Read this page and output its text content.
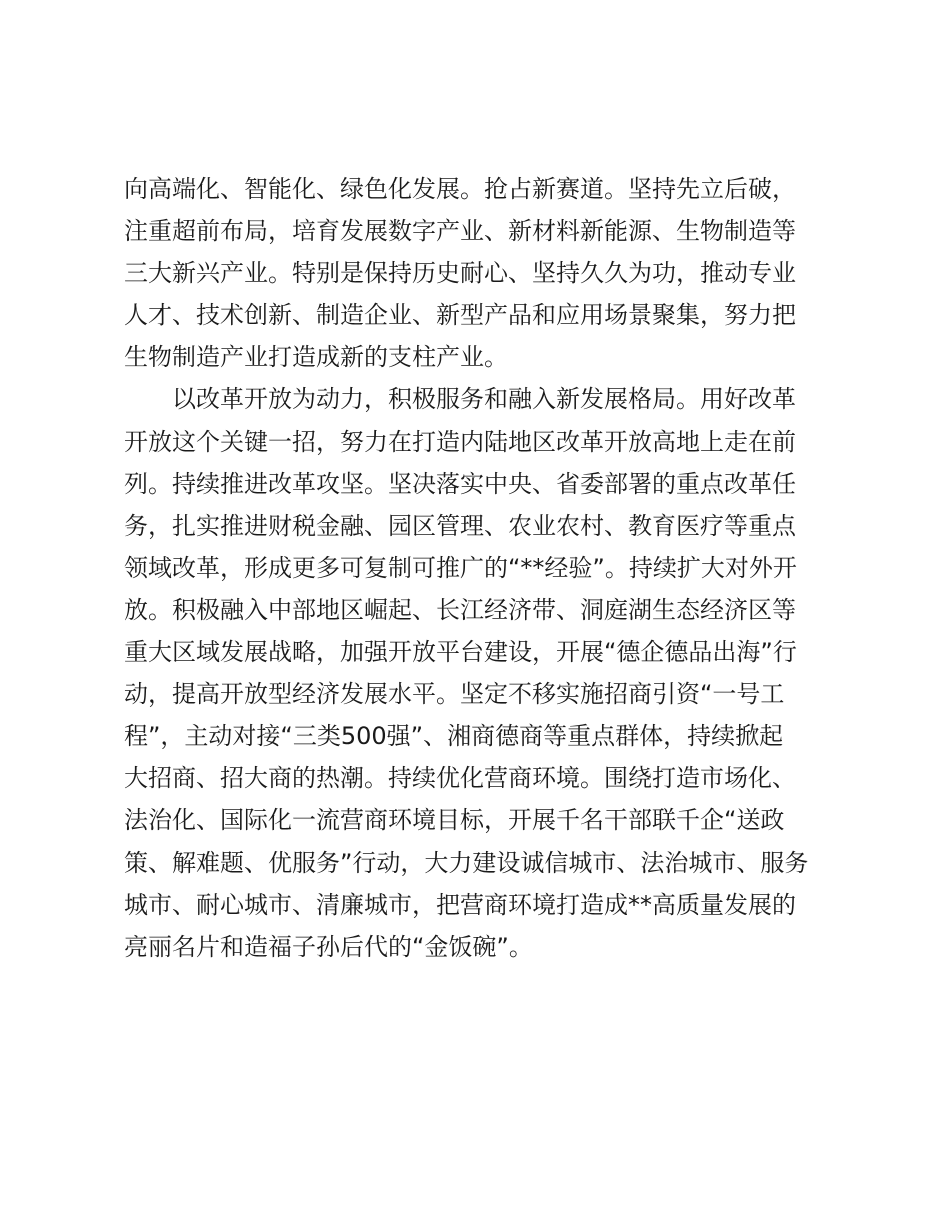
向高端化、智能化、绿色化发展。抢占新赛道。坚持先立后破，
注重超前布局，培育发展数字产业、新材料新能源、生物制造等
三大新兴产业。特别是保持历史耐心、坚持久久为功，推动专业
人才、技术创新、制造企业、新型产品和应用场景聚集，努力把
生物制造产业打造成新的支柱产业。
以改革开放为动力，积极服务和融入新发展格局。用好改革
开放这个关键一招，努力在打造内陆地区改革开放高地上走在前
列。持续推进改革攻坚。坚决落实中央、省委部署的重点改革任
务，扎实推进财税金融、园区管理、农业农村、教育医疗等重点
领域改革，形成更多可复制可推广的“**经验”。持续扩大对外开
放。积极融入中部地区崛起、长江经济带、洞庭湖生态经济区等
重大区域发展战略，加强开放平台建设，开展“德企德品出海”行
动，提高开放型经济发展水平。坚定不移实施招商引资“一号工
程”，主动对接“三类500强”、湘商德商等重点群体，持续掀起
大招商、招大商的热潮。持续优化营商环境。围绕打造市场化、
法治化、国际化一流营商环境目标，开展千名干部联千企“送政
策、解难题、优服务”行动，大力建设诚信城市、法治城市、服务
城市、耐心城市、清廉城市，把营商环境打造成**高质量发展的
亮丽名片和造福子孙后代的“金饭碗”。
